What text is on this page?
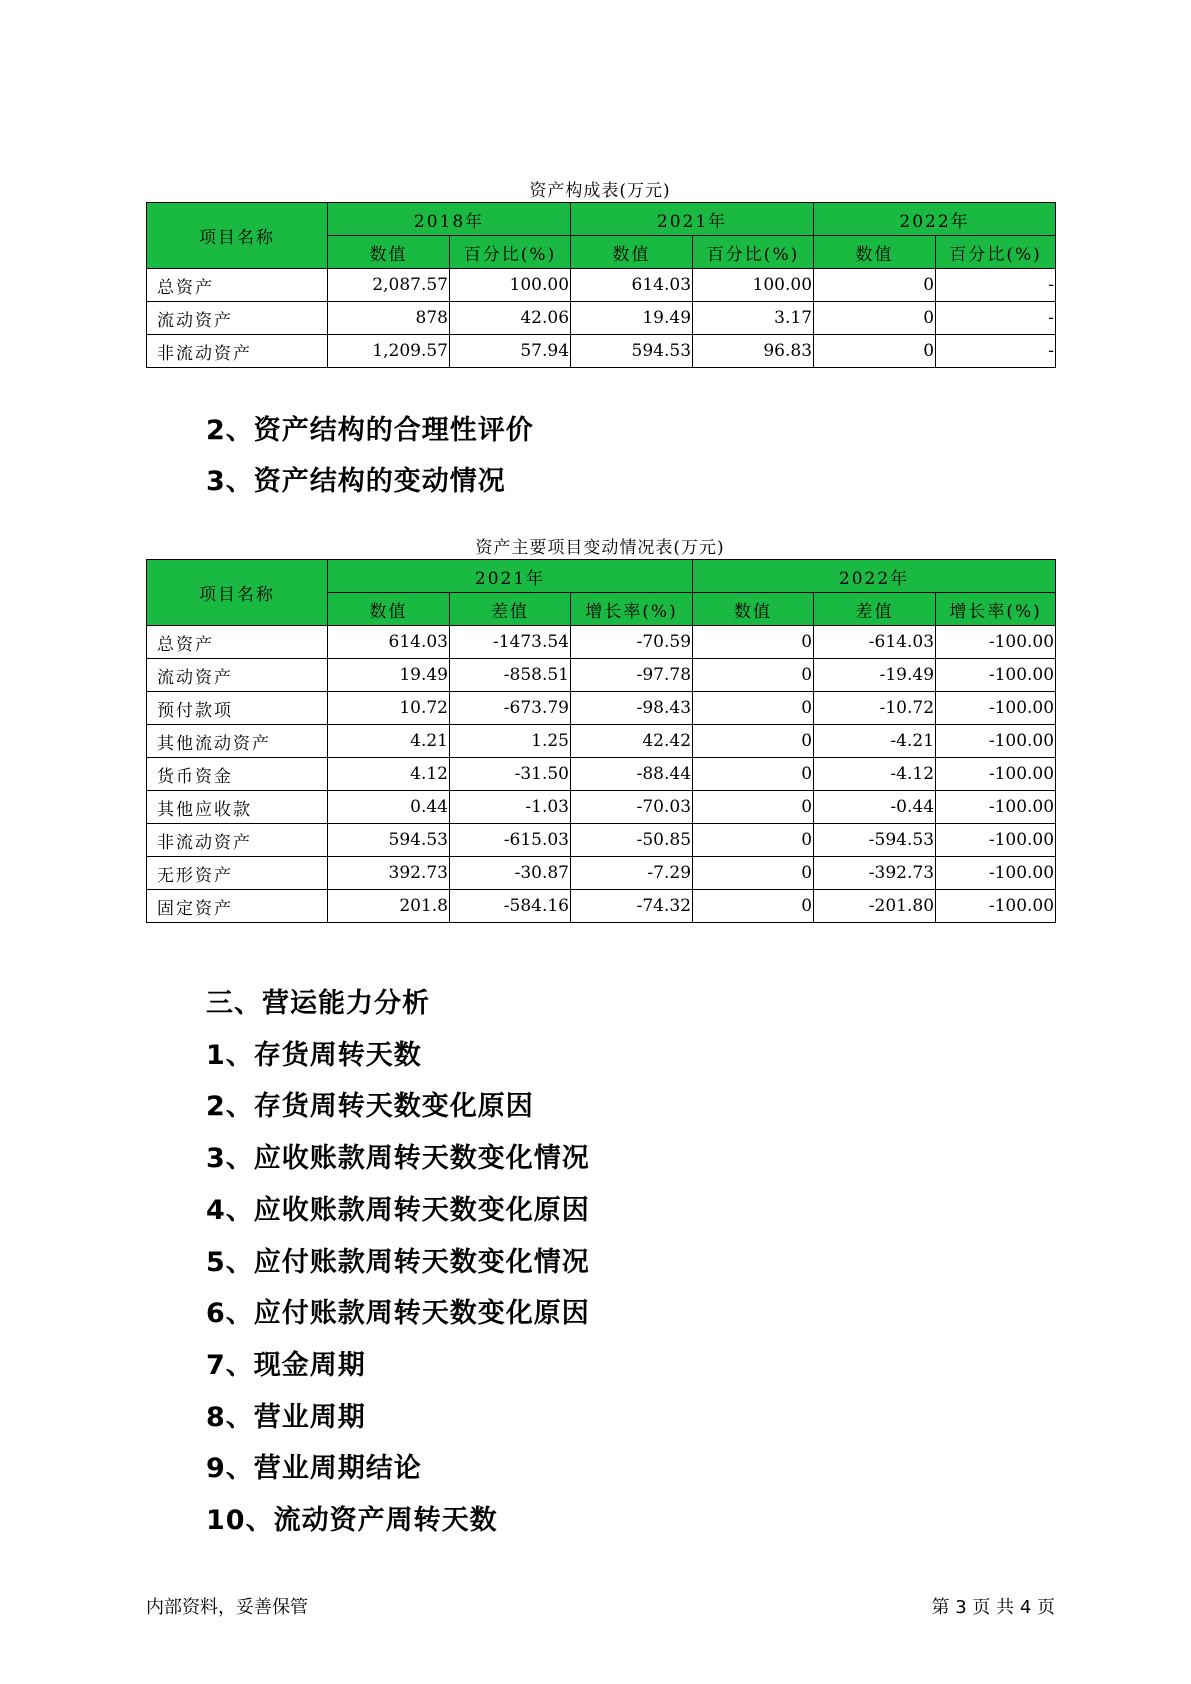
资产构成表(万元)
项目名称	2018年		2021年		2022年	
	数值	百分比(%)	数值	百分比(%)	数值	百分比(%)
总资产	2,087.57	100.00	614.03	100.00	0	-
流动资产	878	42.06	19.49	3.17	0	-
非流动资产	1,209.57	57.94	594.53	96.83	0	-
2、资产结构的合理性评价
3、资产结构的变动情况
资产主要项目变动情况表(万元)
项目名称	2021年			2022年		
	数值	差值	增长率(%)	数值	差值	增长率(%)
总资产	614.03	-1473.54	-70.59	0	-614.03	-100.00
流动资产	19.49	-858.51	-97.78	0	-19.49	-100.00
预付款项	10.72	-673.79	-98.43	0	-10.72	-100.00
其他流动资产	4.21	1.25	42.42	0	-4.21	-100.00
货币资金	4.12	-31.50	-88.44	0	-4.12	-100.00
其他应收款	0.44	-1.03	-70.03	0	-0.44	-100.00
非流动资产	594.53	-615.03	-50.85	0	-594.53	-100.00
无形资产	392.73	-30.87	-7.29	0	-392.73	-100.00
固定资产	201.8	-584.16	-74.32	0	-201.80	-100.00
三、营运能力分析
1、存货周转天数
2、存货周转天数变化原因
3、应收账款周转天数变化情况
4、应收账款周转天数变化原因
5、应付账款周转天数变化情况
6、应付账款周转天数变化原因
7、现金周期
8、营业周期
9、营业周期结论
10、流动资产周转天数
内部资料，妥善保管	第 3 页 共 4 页
